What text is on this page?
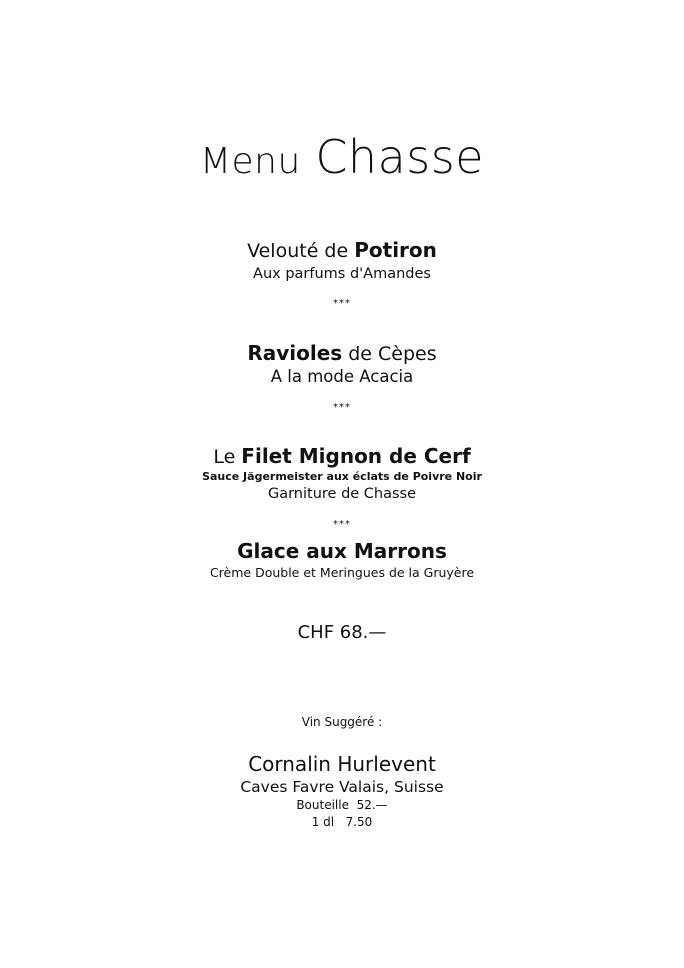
Menu Chasse
Velouté de Potiron
Aux parfums d'Amandes
***
Ravioles de Cèpes
A la mode Acacia
***
Le Filet Mignon de Cerf
Sauce Jägermeister aux éclats de Poivre Noir
Garniture de Chasse
***
Glace aux Marrons
Crème Double et Meringues de la Gruyère
CHF 68.—
Vin Suggéré :
Cornalin Hurlevent
Caves Favre Valais, Suisse
Bouteille  52.—
1 dl   7.50
